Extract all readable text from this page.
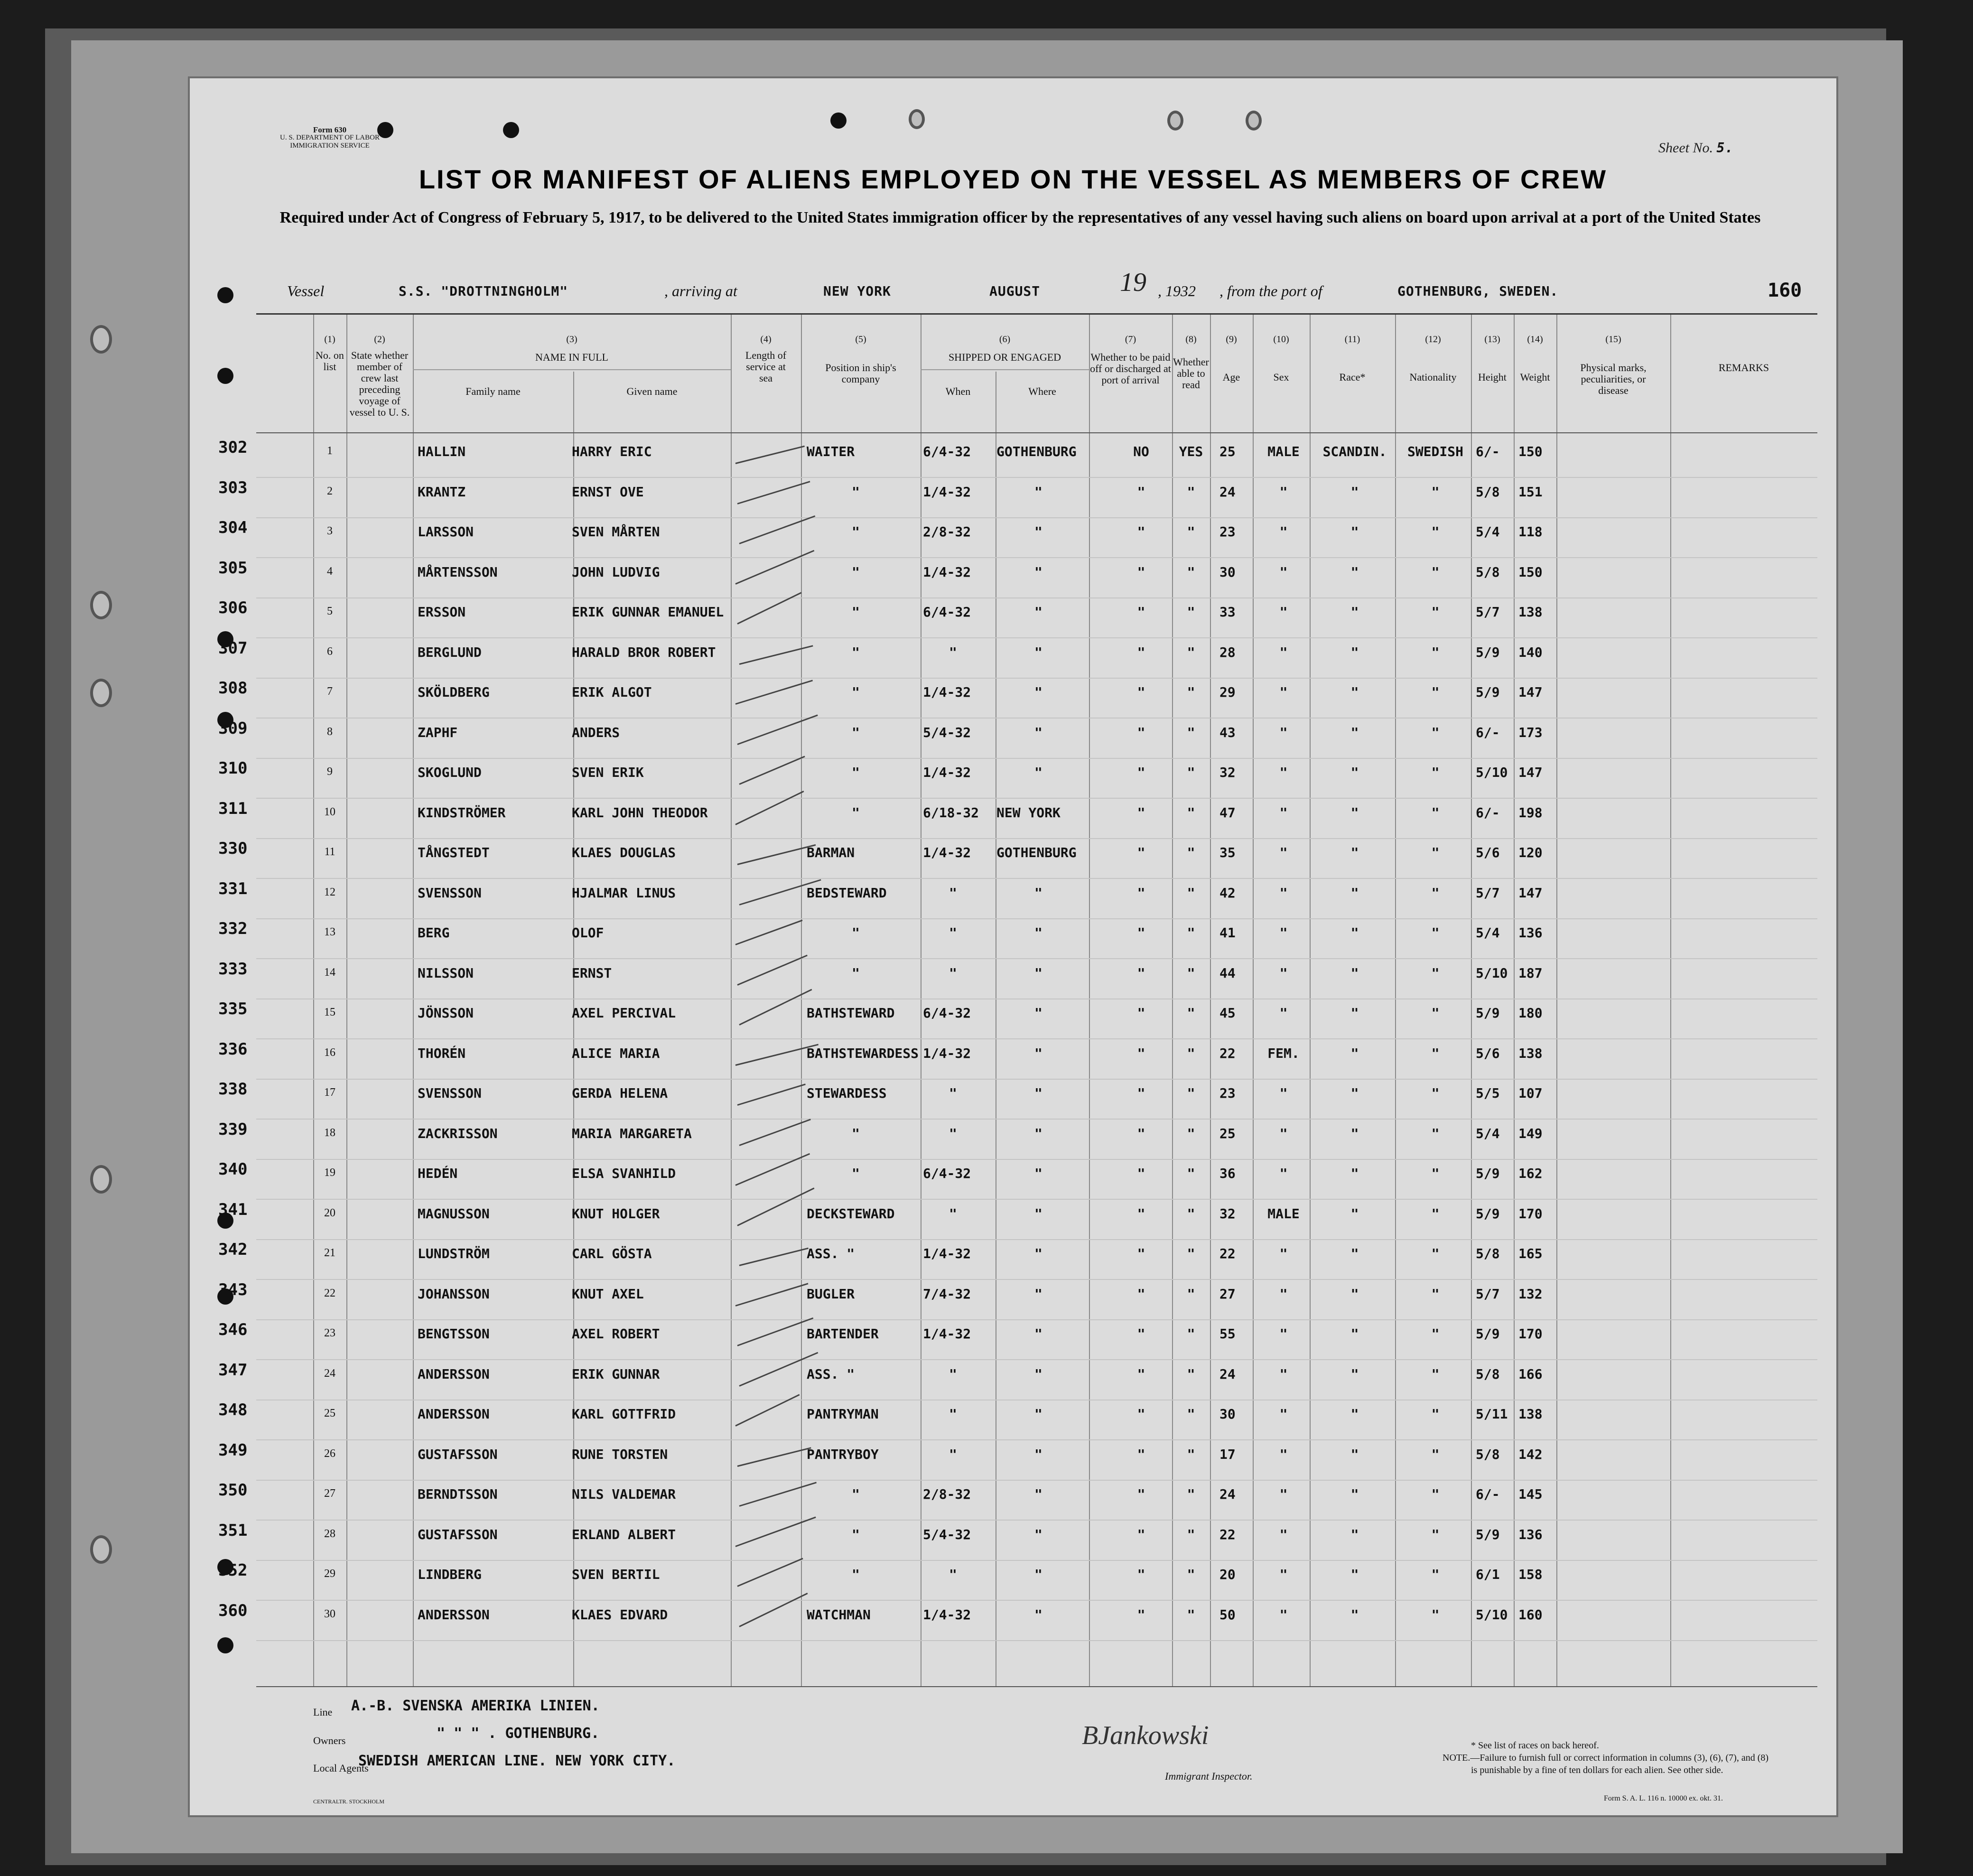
Form 630
U. S. DEPARTMENT OF LABOR
IMMIGRATION SERVICE	Sheet No. 5.
LIST OR MANIFEST OF ALIENS EMPLOYED ON THE VESSEL AS MEMBERS OF CREW
Required under Act of Congress of February 5, 1917, to be delivered to the United States immigration officer by the representatives of any vessel having such aliens on board upon arrival at a port of the United States
Vessel	S.S. "DROTTNINGHOLM"	, arriving at	NEW YORK	AUGUST	19 , 1932 , from the port of	GOTHENBURG, SWEDEN.	160
(1)
No. on list
(2)
State whether member of crew last preceding voyage of vessel to U. S.
(3)
NAME IN FULL
Family name	Given name
(4)
Length of service at sea
(5)
Position in ship's company
(6)
SHIPPED OR ENGAGED
When	Where
(7)
Whether to be paid off or discharged at port of arrival
(8)
Whether able to read
(9)
Age
(10)
Sex
(11)
Race*
(12)
Nationality
(13)
Height
(14)
Weight
(15)
Physical marks, peculiarities, or disease
REMARKS
302	1	HALLIN	HARRY ERIC	WAITER	6/4-32 GOTHENBURG	NO	YES	25	MALE	SCANDIN.	SWEDISH 6/- 150
303	2	KRANTZ	ERNST OVE	"	1/4-32	"	"	"	24	"	"	"	5/8 151
304	3	LARSSON	SVEN MÅRTEN	"	2/8-32	"	"	"	23	"	"	"	5/4 118
305	4	MÅRTENSSON	JOHN LUDVIG	"	1/4-32	"	"	"	30	"	"	"	5/8 150
306	5	ERSSON	ERIK GUNNAR EMANUEL	"	6/4-32	"	"	"	33	"	"	"	5/7 138
307	6	BERGLUND	HARALD BROR ROBERT	"	"	"	"	"	28	"	"	"	5/9 140
308	7	SKÖLDBERG	ERIK ALGOT	"	1/4-32	"	"	"	29	"	"	"	5/9 147
309	8	ZAPHF	ANDERS	"	5/4-32	"	"	"	43	"	"	"	6/- 173
310	9	SKOGLUND	SVEN ERIK	"	1/4-32	"	"	"	32	"	"	"	5/10 147
311	10	KINDSTRÖMER	KARL JOHN THEODOR	"	6/18-32 NEW YORK	"	"	47	"	"	"	6/- 198
330	11	TÅNGSTEDT	KLAES DOUGLAS	BARMAN	1/4-32 GOTHENBURG	"	"	35	"	"	"	5/6 120
331	12	SVENSSON	HJALMAR LINUS	BEDSTEWARD	"	"	"	"	42	"	"	"	5/7 147
332	13	BERG	OLOF	"	"	"	"	"	41	"	"	"	5/4 136
333	14	NILSSON	ERNST	"	"	"	"	"	44	"	"	"	5/10 187
335	15	JÖNSSON	AXEL PERCIVAL	BATHSTEWARD 6/4-32	"	"	"	45	"	"	"	5/9 180
336	16	THORÉN	ALICE MARIA	BATHSTEWARDESS 1/4-32	"	"	"	22	FEM.	"	"	5/6 138
338	17	SVENSSON	GERDA HELENA	STEWARDESS	"	"	"	"	23	"	"	"	5/5 107
339	18	ZACKRISSON	MARIA MARGARETA	"	"	"	"	"	25	"	"	"	5/4 149
340	19	HEDÉN	ELSA SVANHILD	"	6/4-32	"	"	"	36	"	"	"	5/9 162
341	20	MAGNUSSON	KNUT HOLGER	DECKSTEWARD	"	"	"	"	32	MALE	"	"	5/9 170
342	21	LUNDSTRÖM	CARL GÖSTA	ASS. "	1/4-32	"	"	"	22	"	"	"	5/8 165
343	22	JOHANSSON	KNUT AXEL	BUGLER	7/4-32	"	"	"	27	"	"	"	5/7 132
346	23	BENGTSSON	AXEL ROBERT	BARTENDER	1/4-32	"	"	"	55	"	"	"	5/9 170
347	24	ANDERSSON	ERIK GUNNAR	ASS. "	"	"	"	"	24	"	"	"	5/8 166
348	25	ANDERSSON	KARL GOTTFRID	PANTRYMAN	"	"	"	"	30	"	"	"	5/11 138
349	26	GUSTAFSSON	RUNE TORSTEN	PANTRYBOY	"	"	"	"	17	"	"	"	5/8 142
350	27	BERNDTSSON	NILS VALDEMAR	"	2/8-32	"	"	"	24	"	"	"	6/- 145
351	28	GUSTAFSSON	ERLAND ALBERT	"	5/4-32	"	"	"	22	"	"	"	5/9 136
352	29	LINDBERG	SVEN BERTIL	"	"	"	"	"	20	"	"	"	6/1 158
360	30	ANDERSSON	KLAES EDVARD	WATCHMAN	1/4-32	"	"	"	50	"	"	"	5/10 160
Line A.-B. SVENSKA AMERIKA LINIEN.
Owners	" " " . GOTHENBURG.
Local Agents
SWEDISH AMERICAN LINE. NEW YORK CITY.
BJankowski
Immigrant Inspector.
* See list of races on back hereof.
NOTE.—Failure to furnish full or correct information in columns (3), (6), (7), and (8)
is punishable by a fine of ten dollars for each alien. See other side.
Form S. A. L. 116 n. 10000 ex. okt. 31.
CENTRALTR. STOCKHOLM
